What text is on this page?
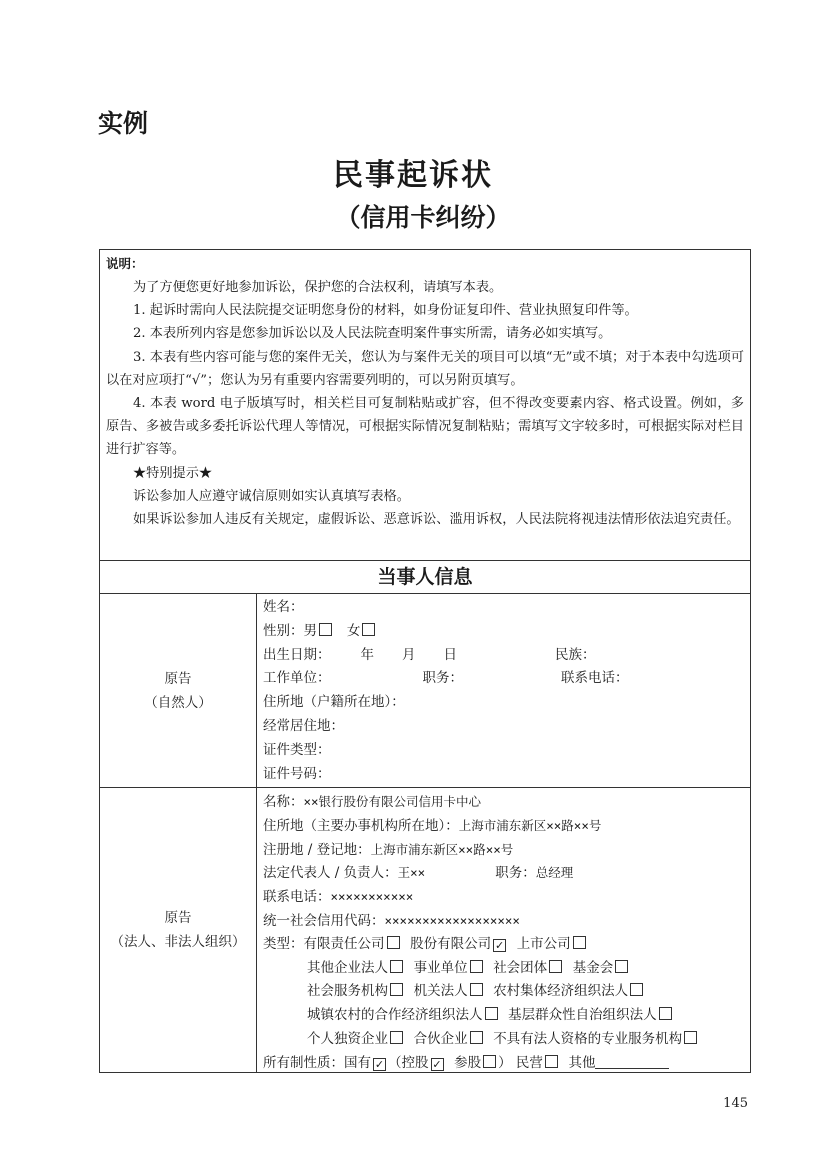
实例
民事起诉状
（信用卡纠纷）
说明：

为了方便您更好地参加诉讼，保护您的合法权利，请填写本表。

1. 起诉时需向人民法院提交证明您身份的材料，如身份证复印件、营业执照复印件等。

2. 本表所列内容是您参加诉讼以及人民法院查明案件事实所需，请务必如实填写。

3. 本表有些内容可能与您的案件无关，您认为与案件无关的项目可以填“无”或不填；对于本表中勾选项可以在对应项打“√”；您认为另有重要内容需要列明的，可以另附页填写。

4. 本表 word 电子版填写时，相关栏目可复制粘贴或扩容，但不得改变要素内容、格式设置。例如，多原告、多被告或多委托诉讼代理人等情况，可根据实际情况复制粘贴；需填写文字较多时，可根据实际对栏目进行扩容等。

★特别提示★

诉讼参加人应遵守诚信原则如实认真填写表格。

如果诉讼参加人违反有关规定，虚假诉讼、恶意诉讼、滥用诉权，人民法院将视违法情形依法追究责任。

当事人信息
原告
（自然人）
姓名：
性别：男 女
出生日期： 年 月 日	民族：
工作单位：	职务：	联系电话：
住所地（户籍所在地）：
经常居住地：
证件类型：
证件号码：
原告
（法人、非法人组织）
名称：××银行股份有限公司信用卡中心
住所地（主要办事机构所在地）：上海市浦东新区××路××号
注册地 / 登记地：上海市浦东新区××路××号
法定代表人 / 负责人：王××	职务：总经理
联系电话：×××××××××××
统一社会信用代码：××××××××××××××××××
类型：有限责任公司 股份有限公司 ✓ 上市公司
其他企业法人 事业单位 社会团体 基金会
社会服务机构 机关法人 农村集体经济组织法人
城镇农村的合作经济组织法人 基层群众性自治组织法人
个人独资企业 合伙企业 不具有法人资格的专业服务机构
所有制性质：国有 ✓ （控股 ✓ 参股 ） 民营 其他
145
